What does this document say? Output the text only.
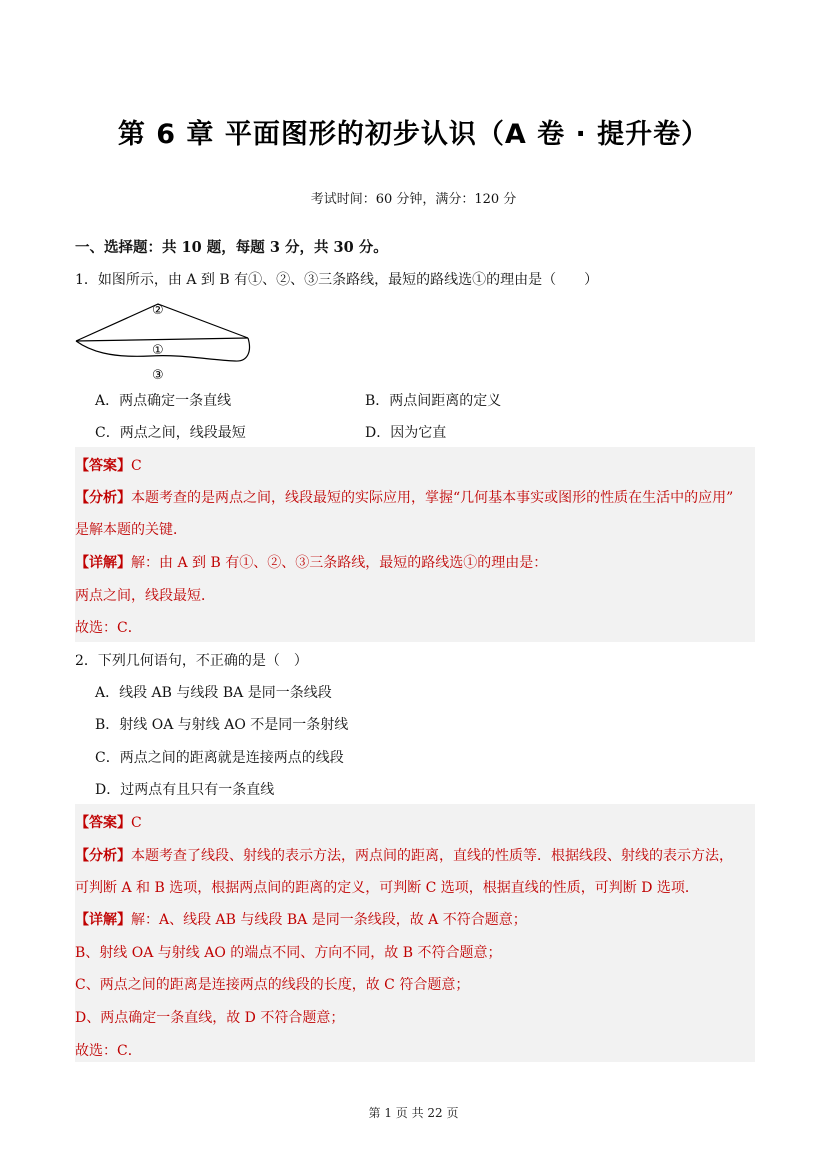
第 6 章 平面图形的初步认识（A 卷 · 提升卷）
考试时间：60 分钟，满分：120 分
一、选择题：共 10 题，每题 3 分，共 30 分。
1．如图所示，由 A 到 B 有①、②、③三条路线，最短的路线选①的理由是（　　）
②
①
③
A．两点确定一条直线	B．两点间距离的定义
C．两点之间，线段最短	D．因为它直
【答案】C
【分析】本题考查的是两点之间，线段最短的实际应用，掌握“几何基本事实或图形的性质在生活中的应用”
是解本题的关键．
【详解】解：由 A 到 B 有①、②、③三条路线，最短的路线选①的理由是：
两点之间，线段最短．
故选：C．
2．下列几何语句，不正确的是（　）
A．线段 AB 与线段 BA 是同一条线段
B．射线 OA 与射线 AO 不是同一条射线
C．两点之间的距离就是连接两点的线段
D．过两点有且只有一条直线
【答案】C
【分析】本题考查了线段、射线的表示方法，两点间的距离，直线的性质等．根据线段、射线的表示方法，
可判断 A 和 B 选项，根据两点间的距离的定义，可判断 C 选项，根据直线的性质，可判断 D 选项．
【详解】解：A、线段 AB 与线段 BA 是同一条线段，故 A 不符合题意；
B、射线 OA 与射线 AO 的端点不同、方向不同，故 B 不符合题意；
C、两点之间的距离是连接两点的线段的长度，故 C 符合题意；
D、两点确定一条直线，故 D 不符合题意；
故选：C．
第 1 页 共 22 页
